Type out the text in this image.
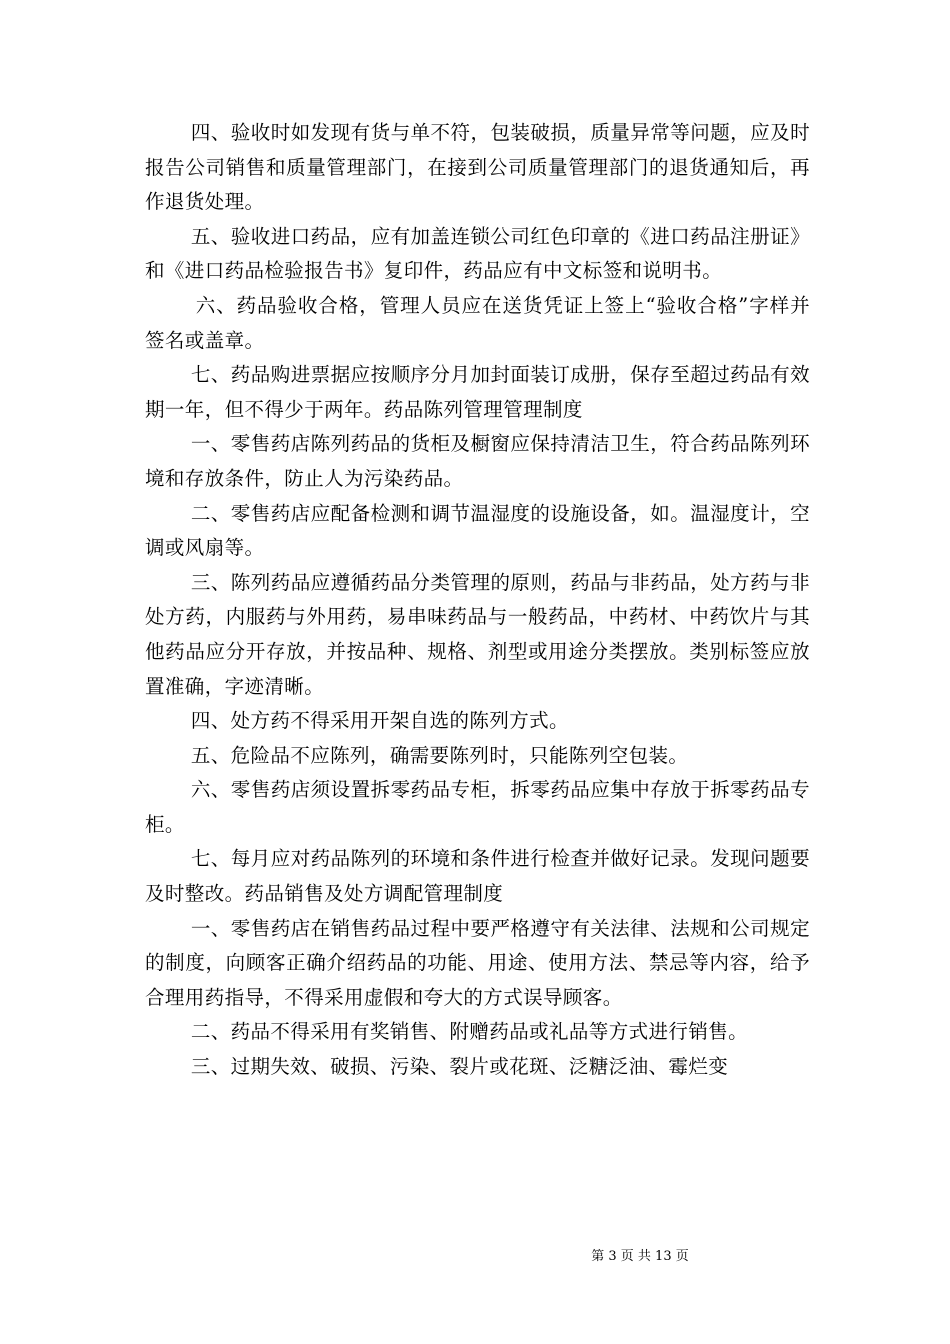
四、验收时如发现有货与单不符，包装破损，质量异常等问题，应及时报告公司销售和质量管理部门，在接到公司质量管理部门的退货通知后，再作退货处理。

五、验收进口药品，应有加盖连锁公司红色印章的《进口药品注册证》和《进口药品检验报告书》复印件，药品应有中文标签和说明书。

六、药品验收合格，管理人员应在送货凭证上签上“验收合格”字样并签名或盖章。

七、药品购进票据应按顺序分月加封面装订成册，保存至超过药品有效期一年，但不得少于两年。药品陈列管理管理制度

一、零售药店陈列药品的货柜及橱窗应保持清洁卫生，符合药品陈列环境和存放条件，防止人为污染药品。

二、零售药店应配备检测和调节温湿度的设施设备，如。温湿度计，空调或风扇等。

三、陈列药品应遵循药品分类管理的原则，药品与非药品，处方药与非处方药，内服药与外用药，易串味药品与一般药品，中药材、中药饮片与其他药品应分开存放，并按品种、规格、剂型或用途分类摆放。类别标签应放置准确，字迹清晰。

四、处方药不得采用开架自选的陈列方式。

五、危险品不应陈列，确需要陈列时，只能陈列空包装。

六、零售药店须设置拆零药品专柜，拆零药品应集中存放于拆零药品专柜。

七、每月应对药品陈列的环境和条件进行检查并做好记录。发现问题要及时整改。药品销售及处方调配管理制度

一、零售药店在销售药品过程中要严格遵守有关法律、法规和公司规定的制度，向顾客正确介绍药品的功能、用途、使用方法、禁忌等内容，给予合理用药指导，不得采用虚假和夸大的方式误导顾客。

二、药品不得采用有奖销售、附赠药品或礼品等方式进行销售。

三、过期失效、破损、污染、裂片或花斑、泛糖泛油、霉烂变

第 3 页 共 13 页
